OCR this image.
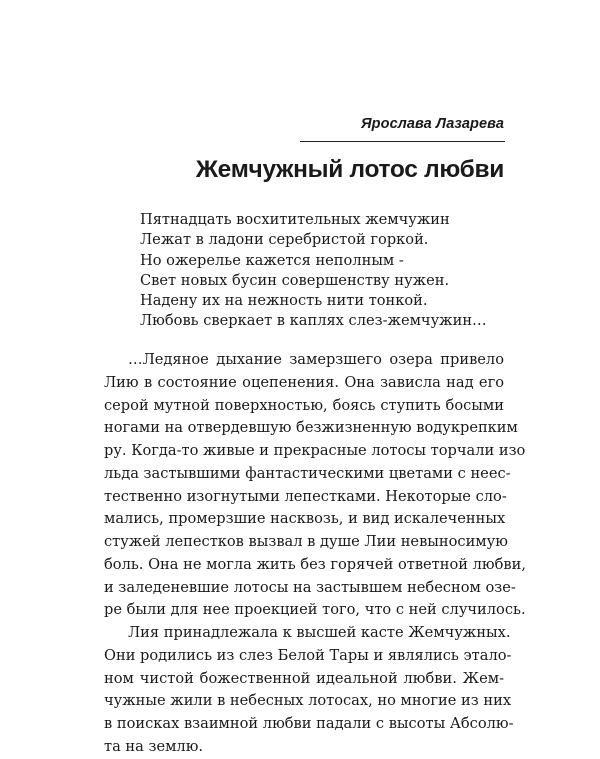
Ярослава Лазарева
Жемчужный лотос любви
Пятнадцать восхитительных жемчужин
Лежат в ладони серебристой горкой.
Но ожерелье кажется неполным -
Свет новых бусин совершенству нужен.
Надену их на нежность нити тонкой.
Любовь сверкает в каплях слез-жемчужин…
…Ледяное дыхание замерзшего озера привело
Лию в состояние оцепенения. Она зависла над его
серой мутной поверхностью, боясь ступить босыми
ногами на отвердевшую безжизненную водукрепким
ру. Когда-то живые и прекрасные лотосы торчали изо
льда застывшими фантастическими цветами с неес-
тественно изогнутыми лепестками. Некоторые сло-
мались, промерзшие насквозь, и вид искалеченных
стужей лепестков вызвал в душе Лии невыносимую
боль. Она не могла жить без горячей ответной любви,
и заледеневшие лотосы на застывшем небесном озе-
ре были для нее проекцией того, что с ней случилось.
Лия принадлежала к высшей касте Жемчужных.
Они родились из слез Белой Тары и являлись этало-
ном чистой божественной идеальной любви. Жем-
чужные жили в небесных лотосах, но многие из них
в поисках взаимной любви падали с высоты Абсолю-
та на землю.
